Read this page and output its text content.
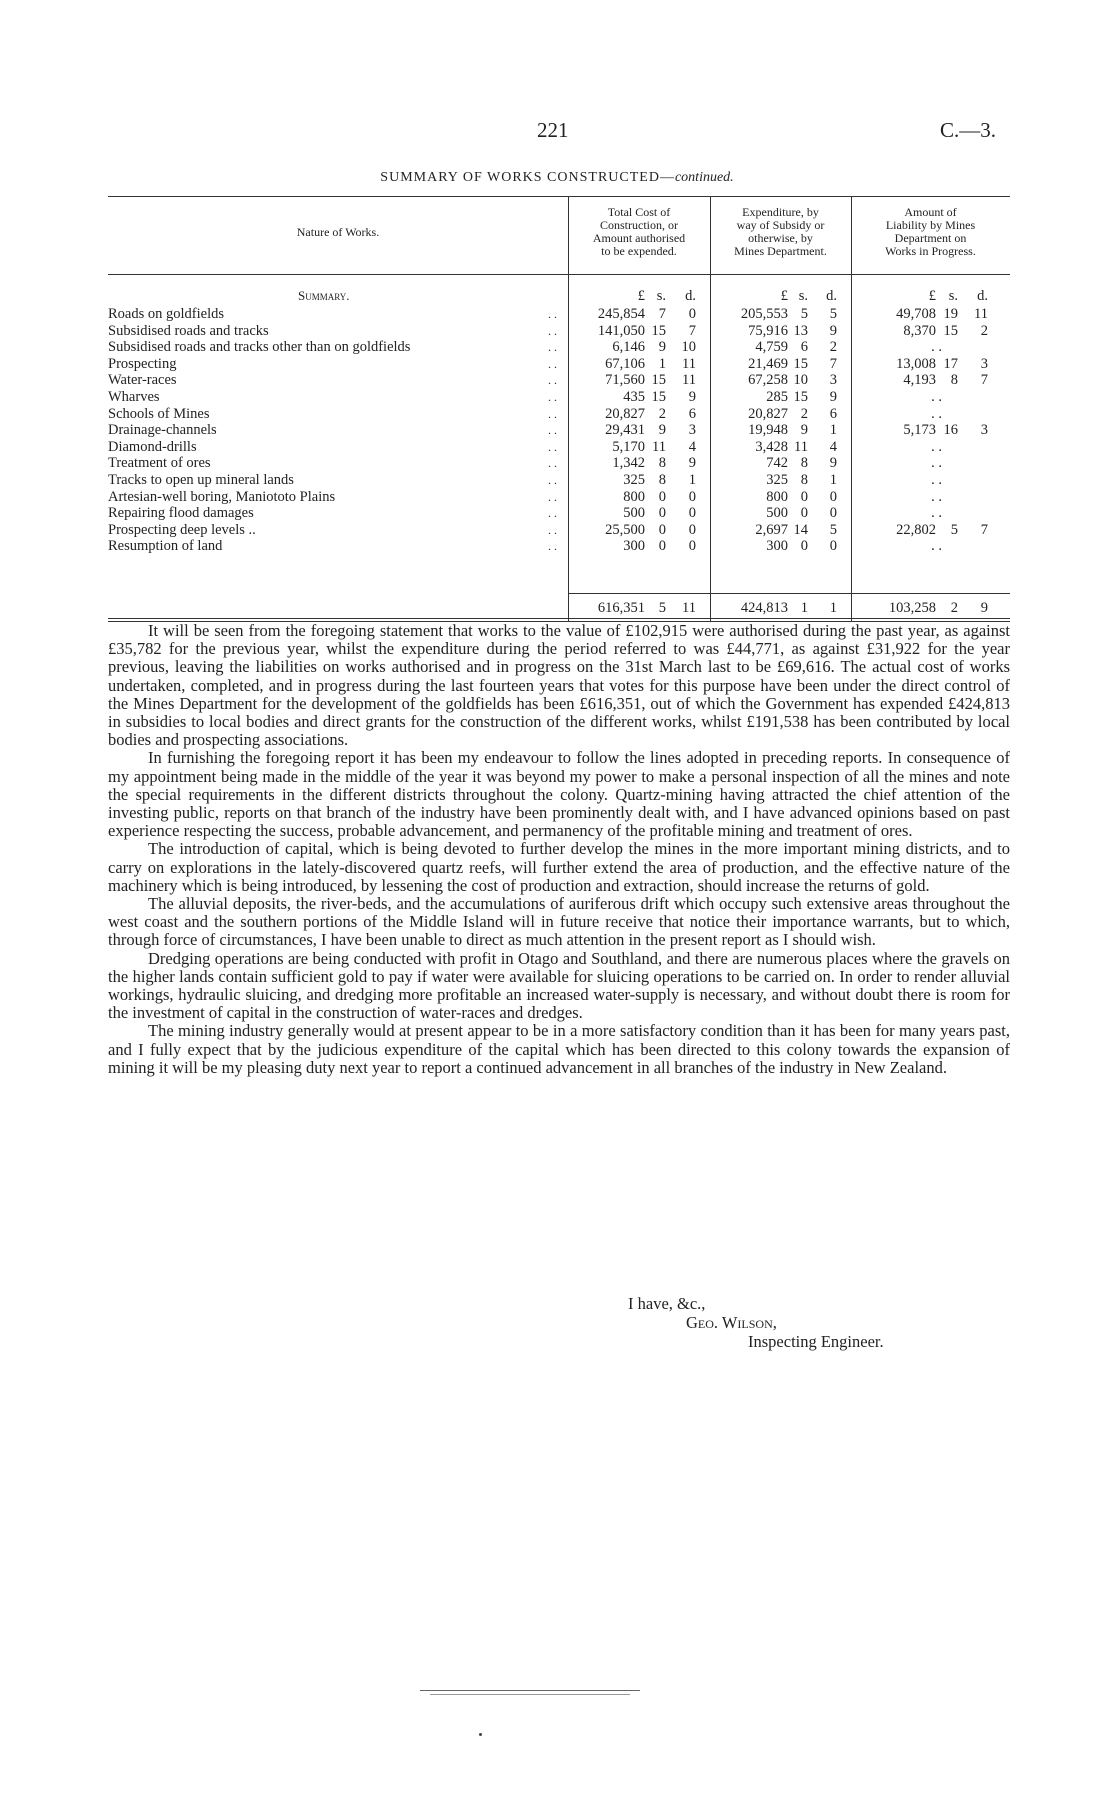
221	C.—3.
SUMMARY OF WORKS CONSTRUCTED—continued.
Nature of Works.
Total Cost of
Construction, or
Amount authorised
to be expended.
Expenditure, by
way of Subsidy or
otherwise, by
Mines Department.
Amount of
Liability by Mines
Department on
Works in Progress.
Summary.	£ s.	d.	£ s.	d.	£ s.	d.
Roads on goldfields	. .	245,854 7	0	205,553 5	5	49,708 19	11
Subsidised roads and tracks	. .	141,050 15	7	75,916 13	9	8,370 15	2
Subsidised roads and tracks other than on goldfields	. .	6,146 9	10	4,759 6	2	. .
Prospecting	. .	67,106 1	11	21,469 15	7	13,008 17	3
Water-races	. .	71,560 15	11	67,258 10	3	4,193	8	7
Wharves	. .	435 15	9	285 15	9	. .
Schools of Mines	. .	20,827 2	6	20,827 2	6	. .
Drainage-channels	. .	29,431 9	3	19,948 9	1	5,173 16	3
Diamond-drills	. .	5,170 11	4	3,428 11	4	. .
Treatment of ores	. .	1,342 8	9	742 8	9	. .
Tracks to open up mineral lands	. .	325 8	1	325 8	1	. .
Artesian-well boring, Maniototo Plains	. .	800 0	0	800 0	0	. .
Repairing flood damages	. .	500 0	0	500 0	0	. .
Prospecting deep levels ..	. .	25,500 0	0	2,697 14	5	22,802	5	7
Resumption of land	. .	300 0	0	300 0	0	. .
616,351 5	11	424,813 1	1	103,258	2	9

It will be seen from the foregoing statement that works to the value of £102,915 were authorised during the past year, as against £35,782 for the previous year, whilst the expenditure during the period referred to was £44,771, as against £31,922 for the year previous, leaving the liabilities on works authorised and in progress on the 31st March last to be £69,616. The actual cost of works undertaken, completed, and in progress during the last fourteen years that votes for this purpose have been under the direct control of the Mines Department for the development of the goldfields has been £616,351, out of which the Government has expended £424,813 in subsidies to local bodies and direct grants for the construction of the different works, whilst £191,538 has been contributed by local bodies and prospecting associations.

In furnishing the foregoing report it has been my endeavour to follow the lines adopted in preceding reports. In consequence of my appointment being made in the middle of the year it was beyond my power to make a personal inspection of all the mines and note the special requirements in the different districts throughout the colony. Quartz-mining having attracted the chief attention of the investing public, reports on that branch of the industry have been prominently dealt with, and I have advanced opinions based on past experience respecting the success, probable advancement, and permanency of the profitable mining and treatment of ores.

The introduction of capital, which is being devoted to further develop the mines in the more important mining districts, and to carry on explorations in the lately-discovered quartz reefs, will further extend the area of production, and the effective nature of the machinery which is being introduced, by lessening the cost of production and extraction, should increase the returns of gold.

The alluvial deposits, the river-beds, and the accumulations of auriferous drift which occupy such extensive areas throughout the west coast and the southern portions of the Middle Island will in future receive that notice their importance warrants, but to which, through force of circumstances, I have been unable to direct as much attention in the present report as I should wish.

Dredging operations are being conducted with profit in Otago and Southland, and there are numerous places where the gravels on the higher lands contain sufficient gold to pay if water were available for sluicing operations to be carried on. In order to render alluvial workings, hydraulic sluicing, and dredging more profitable an increased water-supply is necessary, and without doubt there is room for the investment of capital in the construction of water-races and dredges.

The mining industry generally would at present appear to be in a more satisfactory condition than it has been for many years past, and I fully expect that by the judicious expenditure of the capital which has been directed to this colony towards the expansion of mining it will be my pleasing duty next year to report a continued advancement in all branches of the industry in New Zealand.

I have, &c.,
Geo. Wilson,
Inspecting Engineer.
